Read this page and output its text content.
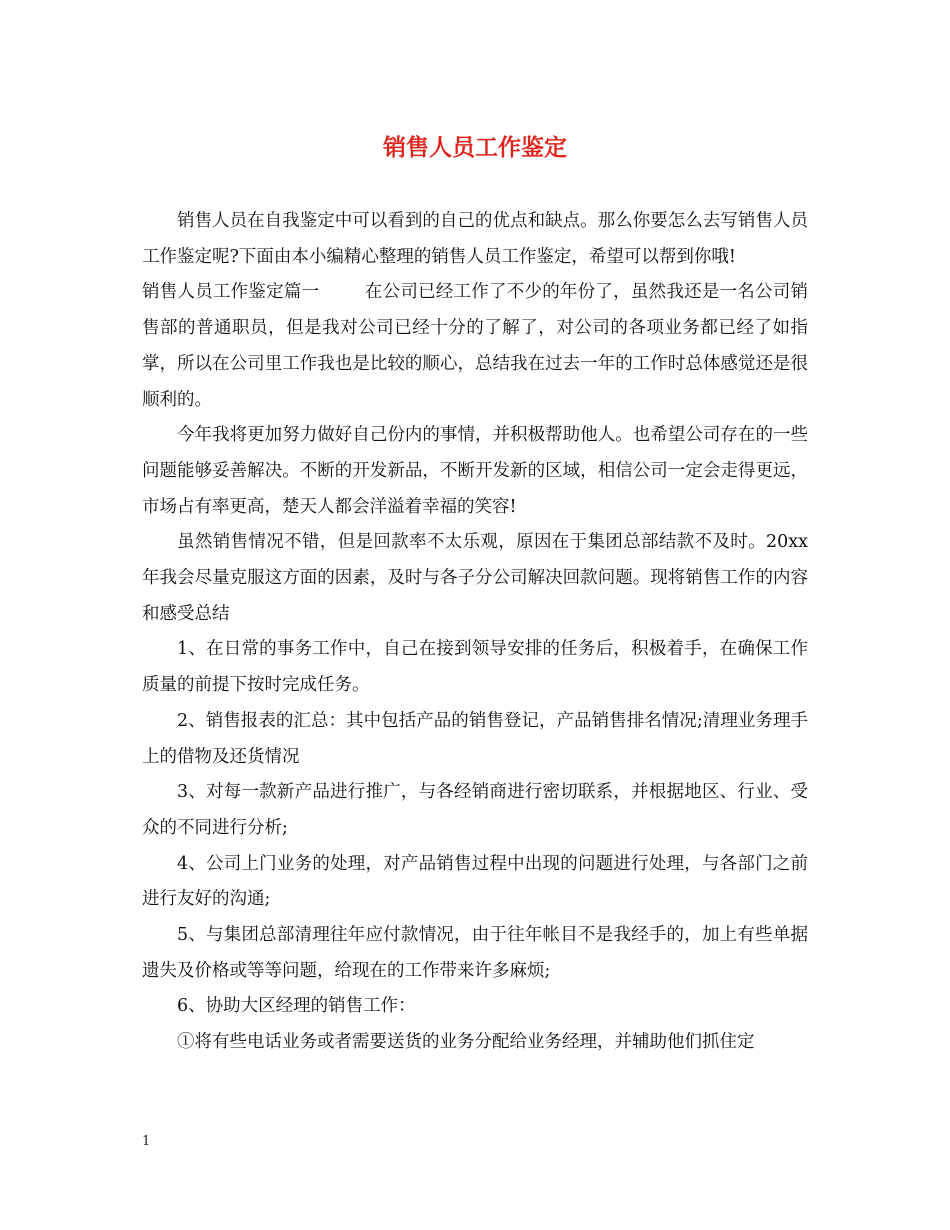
销售人员工作鉴定

销售人员在自我鉴定中可以看到的自己的优点和缺点。那么你要怎么去写销售人员工作鉴定呢?下面由本小编精心整理的销售人员工作鉴定，希望可以帮到你哦!

销售人员工作鉴定篇一	在公司已经工作了不少的年份了，虽然我还是一名公司销售部的普通职员，但是我对公司已经十分的了解了，对公司的各项业务都已经了如指掌，所以在公司里工作我也是比较的顺心，总结我在过去一年的工作时总体感觉还是很顺利的。

今年我将更加努力做好自己份内的事情，并积极帮助他人。也希望公司存在的一些问题能够妥善解决。不断的开发新品，不断开发新的区域，相信公司一定会走得更远，市场占有率更高，楚天人都会洋溢着幸福的笑容!

虽然销售情况不错，但是回款率不太乐观，原因在于集团总部结款不及时。20xx年我会尽量克服这方面的因素，及时与各子分公司解决回款问题。现将销售工作的内容和感受总结

1、在日常的事务工作中，自己在接到领导安排的任务后，积极着手，在确保工作质量的前提下按时完成任务。

2、销售报表的汇总：其中包括产品的销售登记，产品销售排名情况;清理业务理手上的借物及还货情况

3、对每一款新产品进行推广，与各经销商进行密切联系，并根据地区、行业、受众的不同进行分析;

4、公司上门业务的处理，对产品销售过程中出现的问题进行处理，与各部门之前进行友好的沟通;

5、与集团总部清理往年应付款情况，由于往年帐目不是我经手的，加上有些单据遗失及价格或等等问题，给现在的工作带来许多麻烦;

6、协助大区经理的销售工作：

①将有些电话业务或者需要送货的业务分配给业务经理，并辅助他们抓住定

1
